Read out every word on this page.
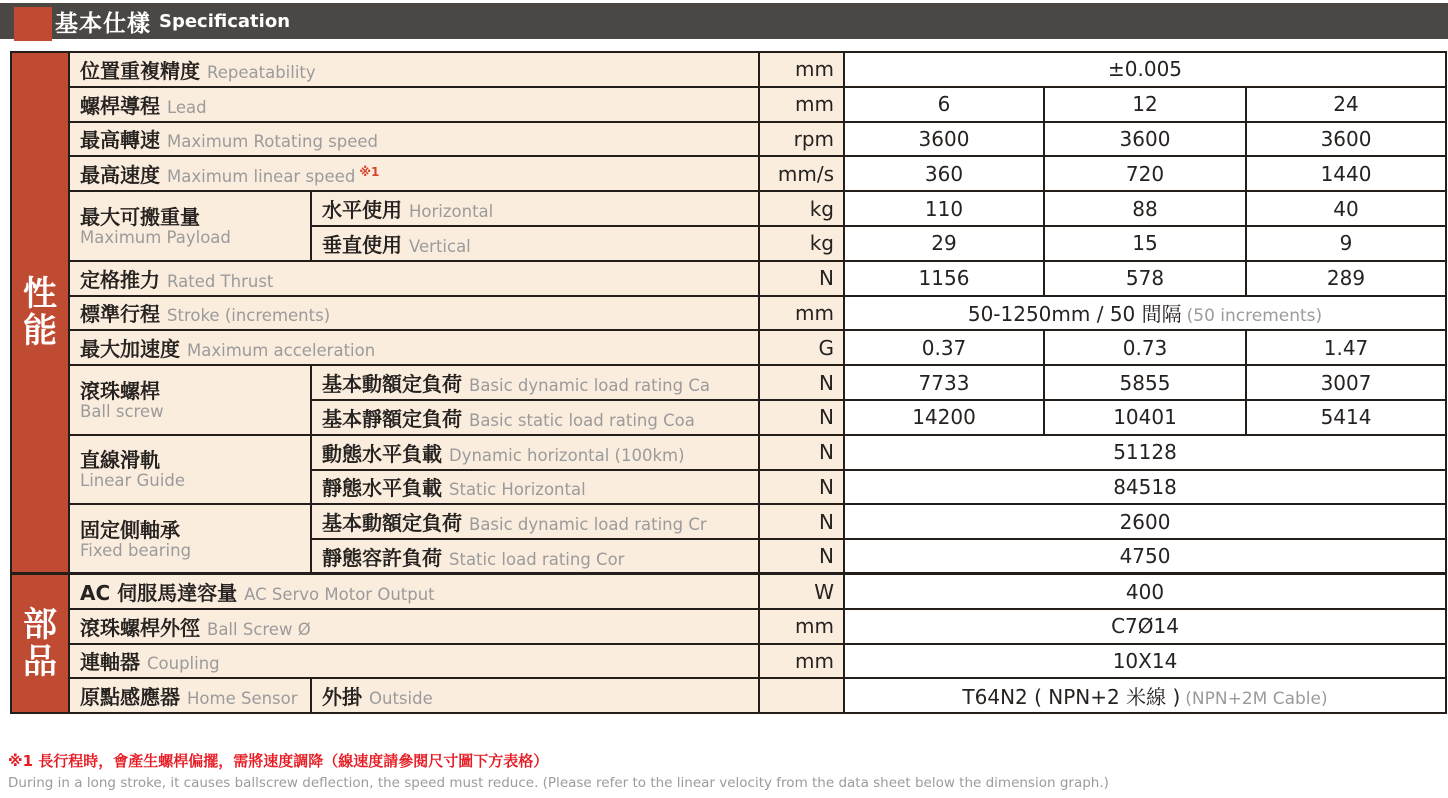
基本仕樣 Specification
性
能	位置重複精度 Repeatability		mm	±0.005		
	螺桿導程 Lead		mm	6	12	24
	最高轉速 Maximum Rotating speed		rpm	3600	3600	3600
	最高速度 Maximum linear speed $^{※1}$		mm/s	360	720	1440

	最大可搬重量
Maximum Payload	水平使用 Horizontal	kg	110	88	40
		垂直使用 Vertical	kg	29	15	9
	定格推力 Rated Thrust		N	1156	578	289
	標準行程 Stroke (increments)		mm	50-1250mm / 50 間隔 (50 increments)		
	最大加速度 Maximum acceleration		G	0.37	0.73	1.47

	滾珠螺桿
Ball screw	基本動額定負荷 Basic dynamic load rating Ca	N	7733	5855	3007
		基本靜額定負荷 Basic static load rating Coa	N	14200	10401	5414

	直線滑軌
Linear Guide	動態水平負載 Dynamic horizontal (100km)	N	51128		
		靜態水平負載 Static Horizontal	N	84518		

	固定側軸承
Fixed bearing	基本動額定負荷 Basic dynamic load rating Cr	N	2600		
		靜態容許負荷 Static load rating Cor	N	4750		

部
品	AC 伺服馬達容量 AC Servo Motor Output		W	400		
	滾珠螺桿外徑 Ball Screw Ø		mm	C7Ø14		
	連軸器 Coupling		mm	10X14		
	原點感應器 Home Sensor	外掛 Outside		T64N2 ( NPN+2 米線 ) (NPN+2M Cable)		
※1 長行程時，會產生螺桿偏擺，需將速度調降（線速度請參閱尺寸圖下方表格）
During in a long stroke, it causes ballscrew deflection, the speed must reduce. (Please refer to the linear velocity from the data sheet below the dimension graph.)
